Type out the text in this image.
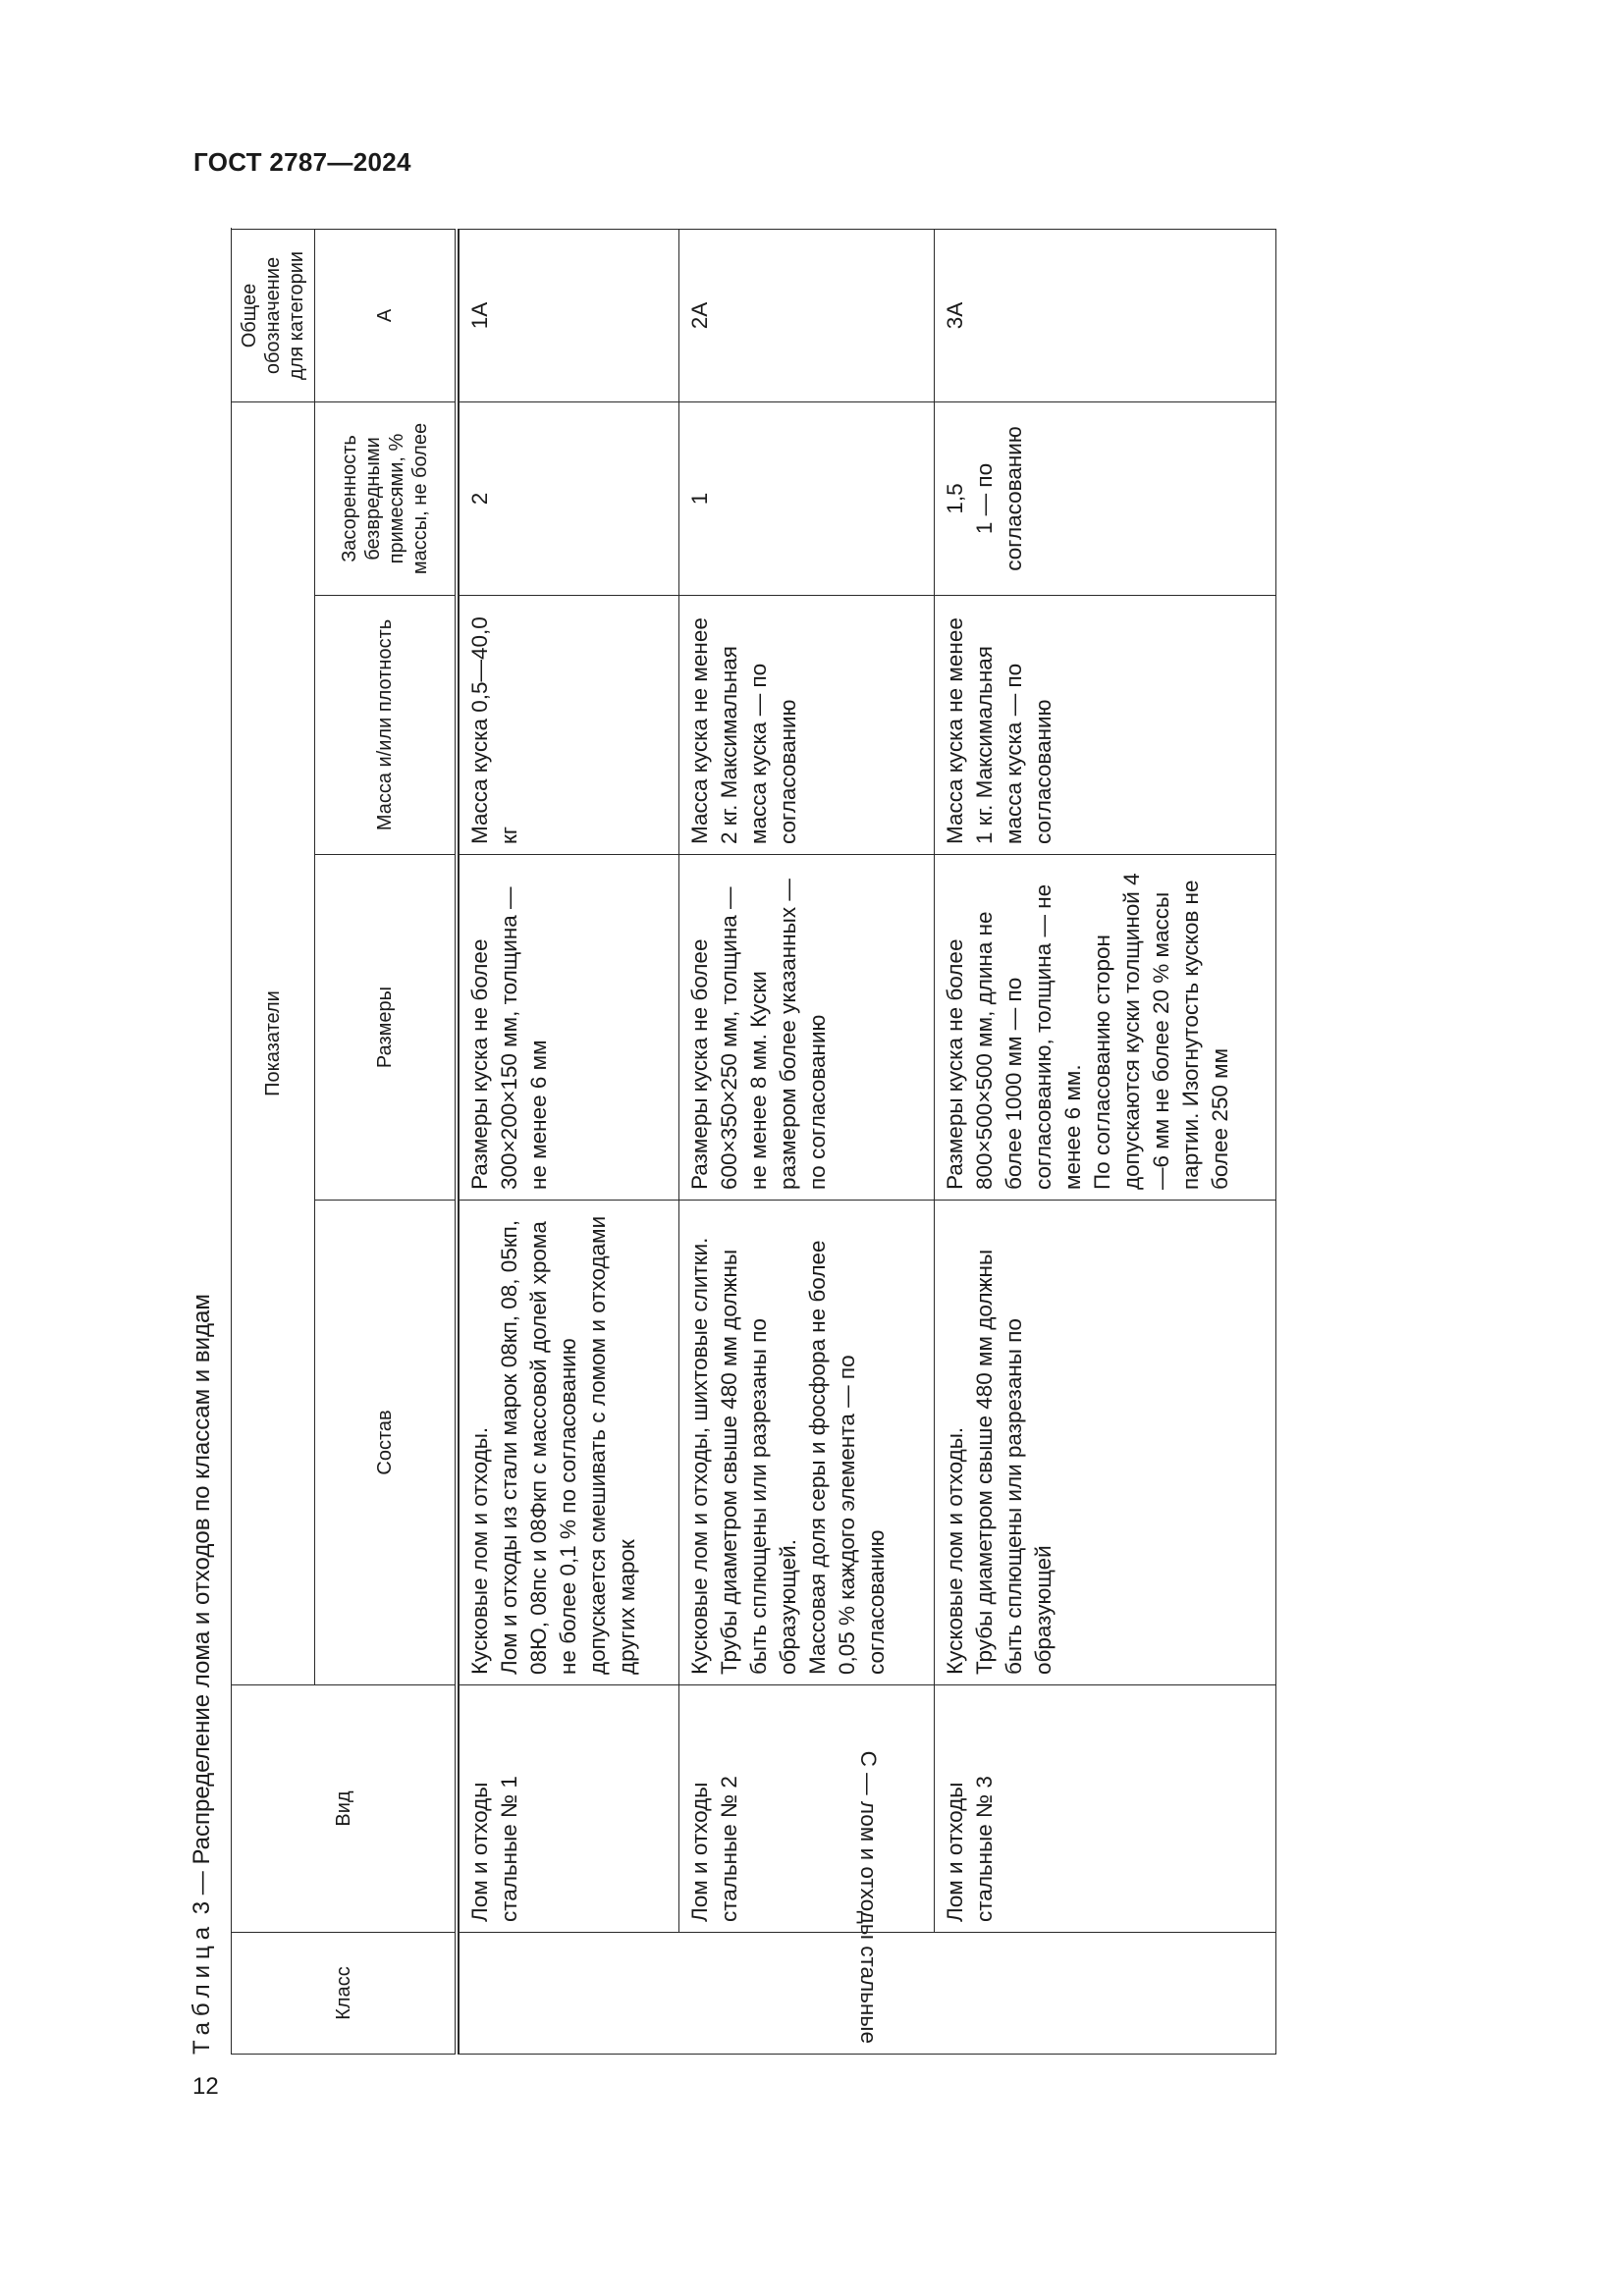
ГОСТ 2787—2024
12
Таблица 3 — Распределение лома и отходов по классам и видам
Класс	Вид	Показатели				Общее обозначение для категории	
		Состав	Размеры	Масса и/или плотность	Засоренность безвредными примесями, % массы, не более	А	

С — лом и отходы стальные	Лом и отходы стальные № 1	Кусковые лом и отходы.
Лом и отходы из стали марок 08кп, 08, 05кп, 08Ю, 08пс и 08Фкп с массовой долей хрома не более 0,1 % по согласованию допускается смешивать с ломом и отходами других марок	Размеры куска не более 300×200×150 мм, толщина — не менее 6 мм	Масса куска 0,5—40,0 кг	2	1А	
	Лом и отходы стальные № 2	Кусковые лом и отходы, шихтовые слитки.
Трубы диаметром свыше 480 мм должны быть сплющены или разрезаны по образующей.
Массовая доля серы и фосфора не более 0,05 % каждого элемента — по согласованию	Размеры куска не более 600×350×250 мм, толщина — не менее 8 мм. Куски размером более указанных — по согласованию	Масса куска не менее 2 кг. Максимальная масса куска — по согласованию	1	2А	
	Лом и отходы стальные № 3	Кусковые лом и отходы.
Трубы диаметром свыше 480 мм должны быть сплющены или разрезаны по образующей	Размеры куска не более 800×500×500 мм, длина не более 1000 мм — по согласованию, толщина — не менее 6 мм.
По согласованию сторон допускаются куски толщиной 4—6 мм не более 20 % массы партии. Изогнутость кусков не более 250 мм	Масса куска не менее 1 кг. Максимальная масса куска — по согласованию	1,5
1 — по согласованию	3А	
